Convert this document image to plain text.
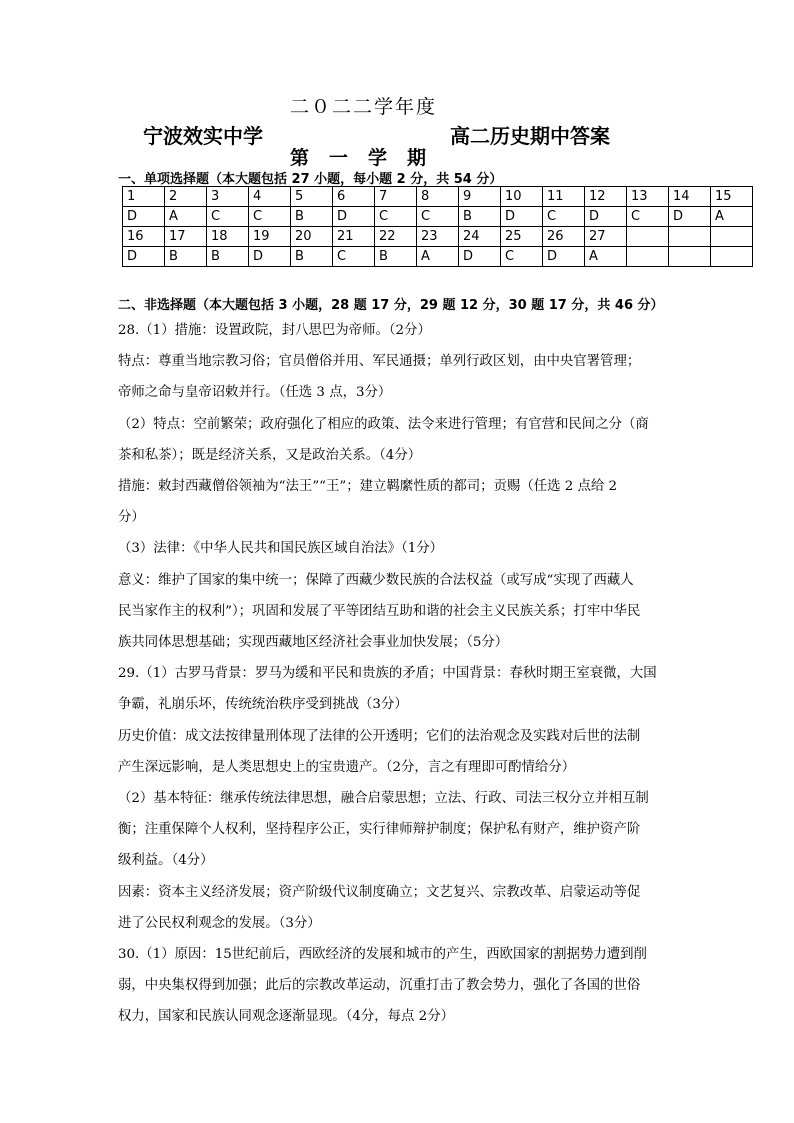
二０二二学年度
宁波效实中学	高二历史期中答案
第一学期
一、单项选择题（本大题包括 27 小题，每小题 2 分，共 54 分）
1	2	3	4	5	6	7	8	9	10	11	12	13	14	15
D	A	C	C	B	D	C	C	B	D	C	D	C	D	A
16	17	18	19	20	21	22	23	24	25	26	27			
D	B	B	D	B	C	B	A	D	C	D	A			
二、非选择题（本大题包括 3 小题，28 题 17 分，29 题 12 分，30 题 17 分，共 46 分）

28.（1）措施：设置政院，封八思巴为帝师。（2分）

特点：尊重当地宗教习俗；官员僧俗并用、军民通摄；单列行政区划，由中央官署管理；

帝师之命与皇帝诏敕并行。（任选 3 点，3分）

（2）特点：空前繁荣；政府强化了相应的政策、法令来进行管理；有官营和民间之分（商

茶和私茶）；既是经济关系，又是政治关系。（4分）

措施：敕封西藏僧俗领袖为“法王”“王”；建立羁縻性质的都司；贡赐（任选 2 点给 2

分）

（3）法律：《中华人民共和国民族区域自治法》（1分）

意义：维护了国家的集中统一；保障了西藏少数民族的合法权益（或写成“实现了西藏人

民当家作主的权利”）；巩固和发展了平等团结互助和谐的社会主义民族关系；打牢中华民

族共同体思想基础；实现西藏地区经济社会事业加快发展；（5分）

29.（1）古罗马背景：罗马为缓和平民和贵族的矛盾；中国背景：春秋时期王室衰微，大国

争霸，礼崩乐坏，传统统治秩序受到挑战（3分）

历史价值：成文法按律量刑体现了法律的公开透明；它们的法治观念及实践对后世的法制

产生深远影响，是人类思想史上的宝贵遗产。（2分，言之有理即可酌情给分）

（2）基本特征：继承传统法律思想，融合启蒙思想；立法、行政、司法三权分立并相互制

衡；注重保障个人权利，坚持程序公正，实行律师辩护制度；保护私有财产，维护资产阶

级利益。（4分）

因素：资本主义经济发展；资产阶级代议制度确立；文艺复兴、宗教改革、启蒙运动等促

进了公民权利观念的发展。（3分）

30.（1）原因：15世纪前后，西欧经济的发展和城市的产生，西欧国家的割据势力遭到削

弱，中央集权得到加强；此后的宗教改革运动，沉重打击了教会势力，强化了各国的世俗

权力，国家和民族认同观念逐渐显现。（4分，每点 2分）
